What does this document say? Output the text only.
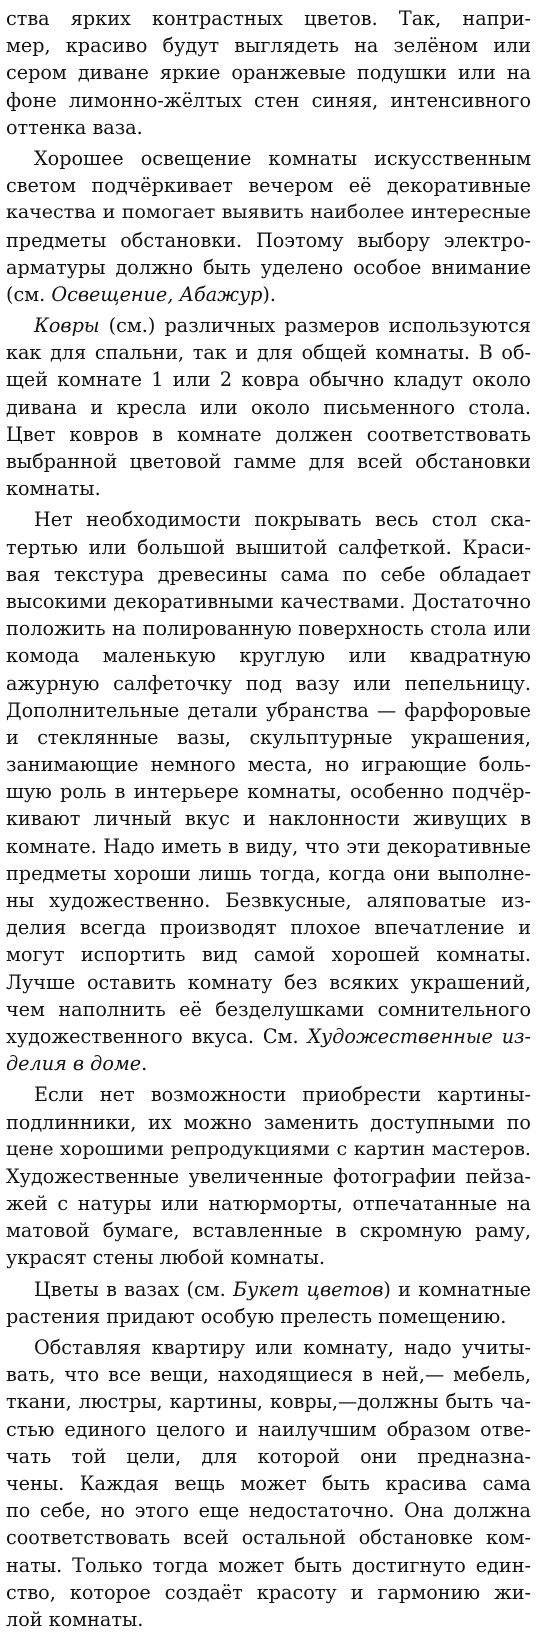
ства ярких контрастных цветов. Так, напри-
мер, красиво будут выглядеть на зелёном или
сером диване яркие оранжевые подушки или на
фоне лимонно-жёлтых стен синяя, интенсивного
оттенка ваза.
Хорошее освещение комнаты искусственным
светом подчёркивает вечером её декоративные
качества и помогает выявить наиболее интересные
предметы обстановки. Поэтому выбору электро-
арматуры должно быть уделено особое внимание
(см. Освещение, Абажур).
Ковры (см.) различных размеров используются
как для спальни, так и для общей комнаты. В об-
щей комнате 1 или 2 ковра обычно кладут около
дивана и кресла или около письменного стола.
Цвет ковров в комнате должен соответствовать
выбранной цветовой гамме для всей обстановки
комнаты.
Нет необходимости покрывать весь стол ска-
тертью или большой вышитой салфеткой. Краси-
вая текстура древесины сама по себе обладает
высокими декоративными качествами. Достаточно
положить на полированную поверхность стола или
комода маленькую круглую или квадратную
ажурную салфеточку под вазу или пепельницу.
Дополнительные детали убранства — фарфоровые
и стеклянные вазы, скульптурные украшения,
занимающие немного места, но играющие боль-
шую роль в интерьере комнаты, особенно подчёр-
кивают личный вкус и наклонности живущих в
комнате. Надо иметь в виду, что эти декоративные
предметы хороши лишь тогда, когда они выполне-
ны художественно. Безвкусные, аляповатые из-
делия всегда производят плохое впечатление и
могут испортить вид самой хорошей комнаты.
Лучше оставить комнату без всяких украшений,
чем наполнить её безделушками сомнительного
художественного вкуса. См. Художественные из-
делия в доме.
Если нет возможности приобрести картины-
подлинники, их можно заменить доступными по
цене хорошими репродукциями с картин мастеров.
Художественные увеличенные фотографии пейза-
жей с натуры или натюрморты, отпечатанные на
матовой бумаге, вставленные в скромную раму,
украсят стены любой комнаты.
Цветы в вазах (см. Букет цветов) и комнатные
растения придают особую прелесть помещению.
Обставляя квартиру или комнату, надо учиты-
вать, что все вещи, находящиеся в ней,— мебель,
ткани, люстры, картины, ковры,—должны быть ча-
стью единого целого и наилучшим образом отве-
чать той цели, для которой они предназна-
чены. Каждая вещь может быть красива сама
по себе, но этого еще недостаточно. Она должна
соответствовать всей остальной обстановке ком-
наты. Только тогда может быть достигнуто един-
ство, которое создаёт красоту и гармонию жи-
лой комнаты.
